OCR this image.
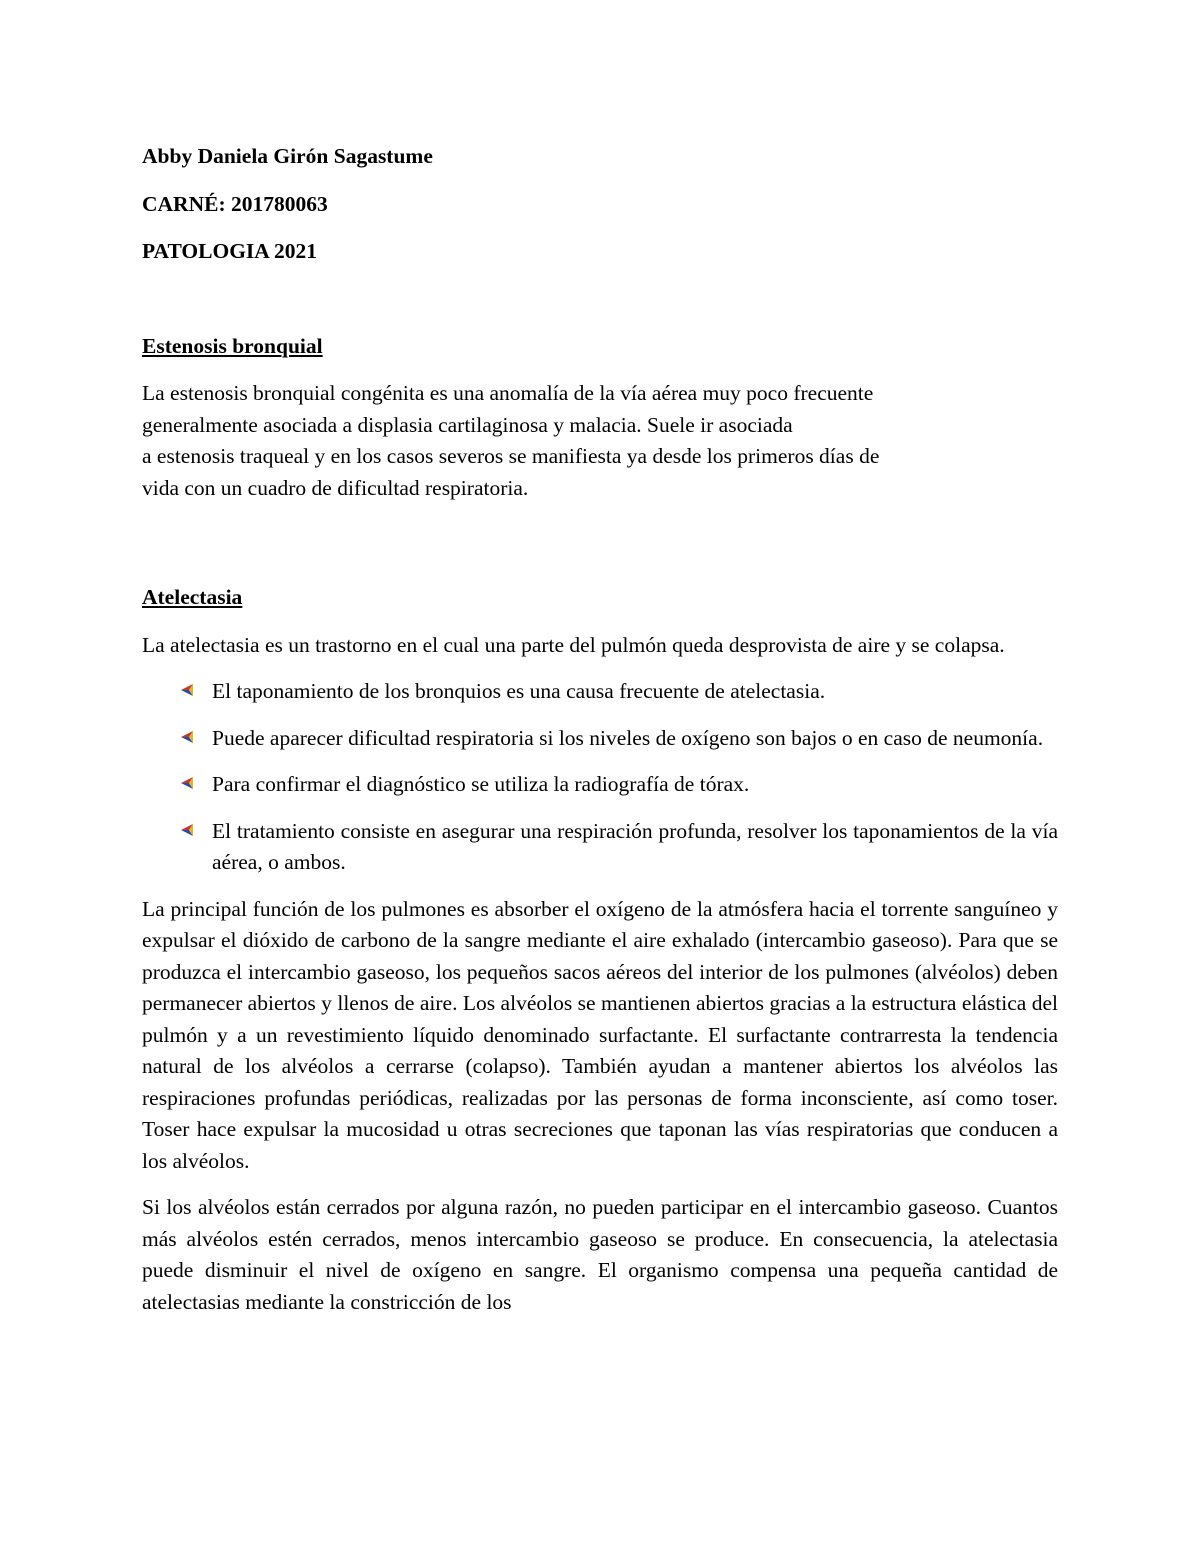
Abby Daniela Girón Sagastume

CARNÉ: 201780063

PATOLOGIA 2021

Estenosis bronquial

La estenosis bronquial congénita es una anomalía de la vía aérea muy poco frecuente
generalmente asociada a displasia cartilaginosa y malacia. Suele ir asociada
a estenosis traqueal y en los casos severos se manifiesta ya desde los primeros días de
vida con un cuadro de dificultad respiratoria.

Atelectasia

La atelectasia es un trastorno en el cual una parte del pulmón queda desprovista de aire y se colapsa.

El taponamiento de los bronquios es una causa frecuente de atelectasia.

Puede aparecer dificultad respiratoria si los niveles de oxígeno son bajos o en caso de neumonía.

Para confirmar el diagnóstico se utiliza la radiografía de tórax.

El tratamiento consiste en asegurar una respiración profunda, resolver los taponamientos de la vía aérea, o ambos.

La principal función de los pulmones es absorber el oxígeno de la atmósfera hacia el torrente sanguíneo y expulsar el dióxido de carbono de la sangre mediante el aire exhalado (intercambio gaseoso). Para que se produzca el intercambio gaseoso, los pequeños sacos aéreos del interior de los pulmones (alvéolos) deben permanecer abiertos y llenos de aire. Los alvéolos se mantienen abiertos gracias a la estructura elástica del pulmón y a un revestimiento líquido denominado surfactante. El surfactante contrarresta la tendencia natural de los alvéolos a cerrarse (colapso). También ayudan a mantener abiertos los alvéolos las respiraciones profundas periódicas, realizadas por las personas de forma inconsciente, así como toser. Toser hace expulsar la mucosidad u otras secreciones que taponan las vías respiratorias que conducen a los alvéolos.

Si los alvéolos están cerrados por alguna razón, no pueden participar en el intercambio gaseoso. Cuantos más alvéolos estén cerrados, menos intercambio gaseoso se produce. En consecuencia, la atelectasia puede disminuir el nivel de oxígeno en sangre. El organismo compensa una pequeña cantidad de atelectasias mediante la constricción de los
